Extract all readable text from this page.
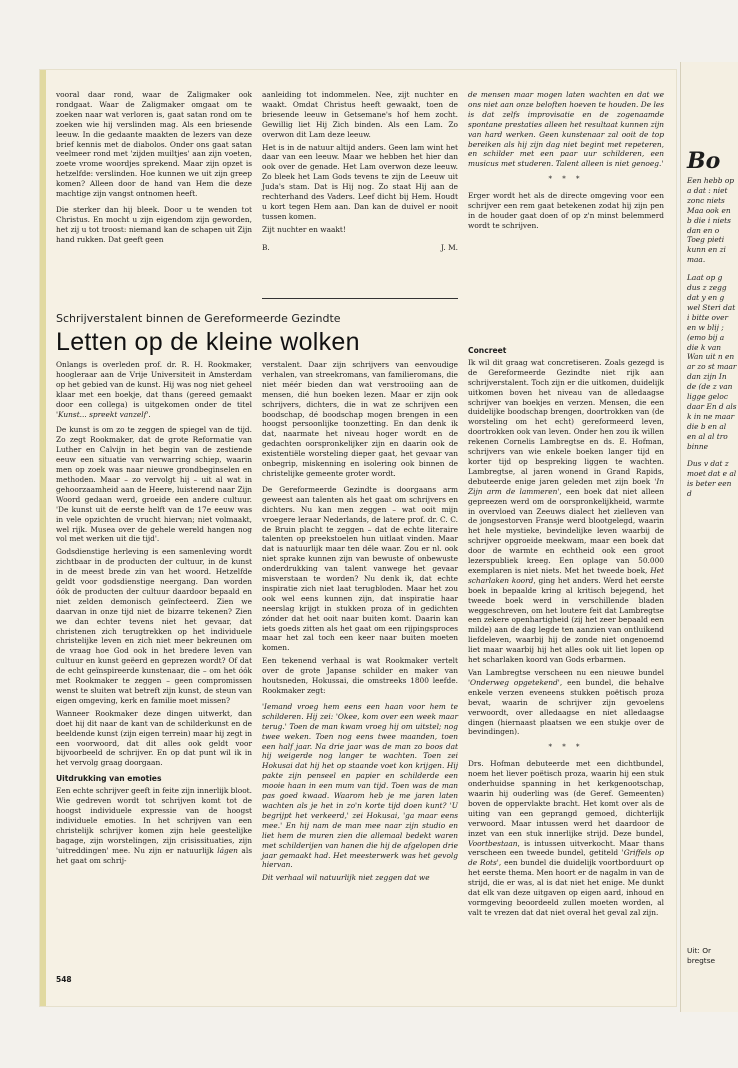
vooral daar rond, waar de Zaligmaker ook rondgaat. Waar de Zaligmaker omgaat om te zoeken naar wat verloren is, gaat satan rond om te zoeken wie hij verslinden mag. Als een briesende leeuw. In die gedaante maakten de lezers van deze brief kennis met de diabolos. Onder ons gaat satan veelmeer rond met 'zijden muiltjes' aan zijn voeten, zoete vrome woordjes sprekend. Maar zijn opzet is hetzelfde: verslinden. Hoe kunnen we uit zijn greep komen? Alleen door de hand van Hem die deze machtige zijn vangst ontnomen heeft.

Die sterker dan hij bleek. Door u te wenden tot Christus. En mocht u zijn eigendom zijn geworden, het zij u tot troost: niemand kan de schapen uit Zijn hand rukken. Dat geeft geen

aanleiding tot indommelen. Nee, zijt nuchter en waakt. Omdat Christus heeft gewaakt, toen de briesende leeuw in Getsemane's hof hem zocht. Gewillig liet Hij Zich binden. Als een Lam. Zo overwon dit Lam deze leeuw.

Het is in de natuur altijd anders. Geen lam wint het daar van een leeuw. Maar we hebben het hier dan ook over de genade. Het Lam overwon deze leeuw. Zo bleek het Lam Gods tevens te zijn de Leeuw uit Juda's stam. Dat is Hij nog. Zo staat Hij aan de rechterhand des Vaders. Leef dicht bij Hem. Houdt u kort tegen Hem aan. Dan kan de duivel er nooit tussen komen.

Zijt nuchter en waakt!

B.	J. M.

de mensen maar mogen laten wachten en dat we ons niet aan onze beloften hoeven te houden. De les is dat zelfs improvisatie en de zogenaamde spontane prestaties alleen het resultaat kunnen zijn van hard werken. Geen kunstenaar zal ooit de top bereiken als hij zijn dag niet begint met repeteren, en schilder met een paar uur schilderen, een musicus met studeren. Talent alleen is niet genoeg.'

* * *

Erger wordt het als de directe omgeving voor een schrijver een rem gaat betekenen zodat hij zijn pen in de houder gaat doen of op z'n minst belemmerd wordt te schrijven.

Schrijverstalent binnen de Gereformeerde Gezindte
Letten op de kleine wolken

Onlangs is overleden prof. dr. R. H. Rookmaker, hoogleraar aan de Vrije Universiteit in Amsterdam op het gebied van de kunst. Hij was nog niet geheel klaar met een boekje, dat thans (gereed gemaakt door een collega) is uitgekomen onder de titel 'Kunst... spreekt vanzelf'.

De kunst is om zo te zeggen de spiegel van de tijd. Zo zegt Rookmaker, dat de grote Reformatie van Luther en Calvijn in het begin van de zestiende eeuw een situatie van verwarring schiep, waarin men op zoek was naar nieuwe grondbeginselen en methoden. Maar – zo vervolgt hij – uit al wat in gehoorzaamheid aan de Heere, luisterend naar Zijn Woord gedaan werd, groeide een andere cultuur. 'De kunst uit de eerste helft van de 17e eeuw was in vele opzichten de vrucht hiervan; niet volmaakt, wel rijk. Musea over de gehele wereld hangen nog vol met werken uit die tijd'.

Godsdienstige herleving is een samenleving wordt zichtbaar in de producten der cultuur, in de kunst in de meest brede zin van het woord. Hetzelfde geldt voor godsdienstige neergang. Dan worden óók de producten der cultuur daardoor bepaald en niet zelden demonisch geïnfecteerd. Zien we daarvan in onze tijd niet de bizarre tekenen? Zien we dan echter tevens niet het gevaar, dat christenen zich terugtrekken op het individuele christelijke leven en zich niet meer bekreunen om de vraag hoe God ook in het bredere leven van cultuur en kunst geëerd en geprezen wordt? Of dat de echt geïnspireerde kunstenaar, die – om het óók met Rookmaker te zeggen – geen compromissen wenst te sluiten wat betreft zijn kunst, de steun van eigen omgeving, kerk en familie moet missen?

Wanneer Rookmaker deze dingen uitwerkt, dan doet hij dit naar de kant van de schilderkunst en de beeldende kunst (zijn eigen terrein) maar hij zegt in een voorwoord, dat dit alles ook geldt voor bijvoorbeeld de schrijver. En op dat punt wil ik in het vervolg graag doorgaan.

Uitdrukking van emoties

Een echte schrijver geeft in feite zijn innerlijk bloot. Wie gedreven wordt tot schrijven komt tot de hoogst individuele expressie van de hoogst individuele emoties. In het schrijven van een christelijk schrijver komen zijn hele geestelijke bagage, zijn worstelingen, zijn crisissituaties, zijn 'uitreddingen' mee. Nu zijn er natuurlijk lágen als het gaat om schrij-

verstalent. Daar zijn schrijvers van eenvoudige verhalen, van streekromans, van familieromans, die niet méér bieden dan wat verstrooiing aan de mensen, dié hun boeken lezen. Maar er zijn ook schrijvers, dichters, die in wat ze schrijven een boodschap, dé boodschap mogen brengen in een hoogst persoonlijke toonzetting. En dan denk ik dat, naarmate het niveau hoger wordt en de gedachten oorspronkelijker zijn en daarin ook de existentiële worsteling dieper gaat, het gevaar van onbegrip, miskenning en isolering ook binnen de christelijke gemeente groter wordt.

De Gereformeerde Gezindte is doorgaans arm geweest aan talenten als het gaat om schrijvers en dichters. Nu kan men zeggen – wat ooit mijn vroegere leraar Nederlands, de latere prof. dr. C. C. de Bruin placht te zeggen – dat de echte literaire talenten op preekstoelen hun uitlaat vinden. Maar dat is natuurlijk maar ten déle waar. Zou er nl. ook niet sprake kunnen zijn van bewuste of onbewuste onderdrukking van talent vanwege het gevaar misverstaan te worden? Nu denk ik, dat echte inspiratie zich niet laat terugbloden. Maar het zou ook wel eens kunnen zijn, dat inspiratie haar neerslag krijgt in stukken proza of in gedichten zónder dat het ooit naar buiten komt. Daarin kan iets goeds zitten als het gaat om een rijpingsproces maar het zal toch een keer naar buiten moeten komen.

Een tekenend verhaal is wat Rookmaker vertelt over de grote Japanse schilder en maker van houtsneden, Hokussai, die omstreeks 1800 leefde. Rookmaker zegt:

'Iemand vroeg hem eens een haan voor hem te schilderen. Hij zei: 'Okee, kom over een week maar terug.' Toen de man kwam vroeg hij om uitstel; nog twee weken. Toen nog eens twee maanden, toen een half jaar. Na drie jaar was de man zo boos dat hij weigerde nog langer te wachten. Toen zei Hokusai dat hij het op staande voet kon krijgen. Hij pakte zijn penseel en papier en schilderde een mooie haan in een mum van tijd. Toen was de man pas goed kwaad. Waarom heb je me jaren laten wachten als je het in zo'n korte tijd doen kunt? 'U begrijpt het verkeerd,' zei Hokusai, 'ga maar eens mee.' En hij nam de man mee naar zijn studio en liet hem de muren zien die allemaal bedekt waren met schilderijen van hanen die hij de afgelopen drie jaar gemaakt had. Het meesterwerk was het gevolg hiervan.

Dit verhaal wil natuurlijk niet zeggen dat we

Concreet

Ik wil dit graag wat concretiseren. Zoals gezegd is de Gereformeerde Gezindte niet rijk aan schrijverstalent. Toch zijn er die uitkomen, duidelijk uitkomen boven het niveau van de alledaagse schrijver van boekjes en verzen. Mensen, die een duidelijke boodschap brengen, doortrokken van (de worsteling om het echt) gereformeerd leven, doortrokken ook van leven. Onder hen zou ik willen rekenen Cornelis Lambregtse en ds. E. Hofman, schrijvers van wie enkele boeken langer tijd en korter tijd op bespreking liggen te wachten. Lambregtse, al jaren wonend in Grand Rapids, debuteerde enige jaren geleden met zijn boek 'In Zijn arm de lammeren', een boek dat niet alleen gepreezen werd om de oorspronkelijkheid, warmte in overvloed van Zeeuws dialect het zielleven van de jongsestorven Fransje werd blootgelegd, waarin het hele mystieke, bevindelijke leven waarbij de schrijver opgroeide meekwam, maar een boek dat door de warmte en echtheid ook een groot lezerspubliek kreeg. Een oplage van 50.000 exemplaren is niet niets. Met het tweede boek, Het scharlaken koord, ging het anders. Werd het eerste boek in bepaalde kring al kritisch bejegend, het tweede boek werd in verschillende bladen weggeschreven, om het loutere feit dat Lambregtse een zekere openhartigheid (zij het zeer bepaald een milde) aan de dag legde ten aanzien van ontluikend liefdeleven, waarbij hij de zonde niet ongenoemd liet maar waarbij hij het alles ook uit liet lopen op het scharlaken koord van Gods erbarmen.

Van Lambregtse verscheen nu een nieuwe bundel 'Onderweg opgetekend', een bundel, die behalve enkele verzen eveneens stukken poëtisch proza bevat, waarin de schrijver zijn gevoelens verwoordt, over alledaagse en niet alledaagse dingen (hiernaast plaatsen we een stukje over de bevindingen).

* * *

Drs. Hofman debuteerde met een dichtbundel, noem het liever poëtisch proza, waarin hij een stuk onderhuidse spanning in het kerkgenootschap, waarin hij ouderling was (de Geref. Gemeenten) boven de oppervlakte bracht. Het komt over als de uiting van een geprangd gemoed, dichterlijk verwoord. Maar intussen werd het daardoor de inzet van een stuk innerlijke strijd. Deze bundel, Voortbestaan, is intussen uitverkocht. Maar thans verscheen een tweede bundel, getiteld 'Griffels op de Rots', een bundel die duidelijk voortborduurt op het eerste thema. Men hoort er de nagalm in van de strijd, die er was, al is dat niet het enige. Me dunkt dat elk van deze uitgaven op eigen aard, inhoud en vormgeving beoordeeld zullen moeten worden, al valt te vrezen dat dat niet overal het geval zal zijn.

548
Bo

Een hebb op a dat : niet zonc niets Maa ook en b die i niets dan en o Toeg pieti kunn en zi maa.

Laat op g dus z zegg dat y en g wel Steri dat i bitte over en w blij ; (emo bij a die k van Wan uit n en ar zo st maar dan zijn In de (de z van ligge geloc daar En d als k in ne maar die b en al en al al tro binne

Dus v dat z moet dat e al is beter een d

Uit: Or bregtse
